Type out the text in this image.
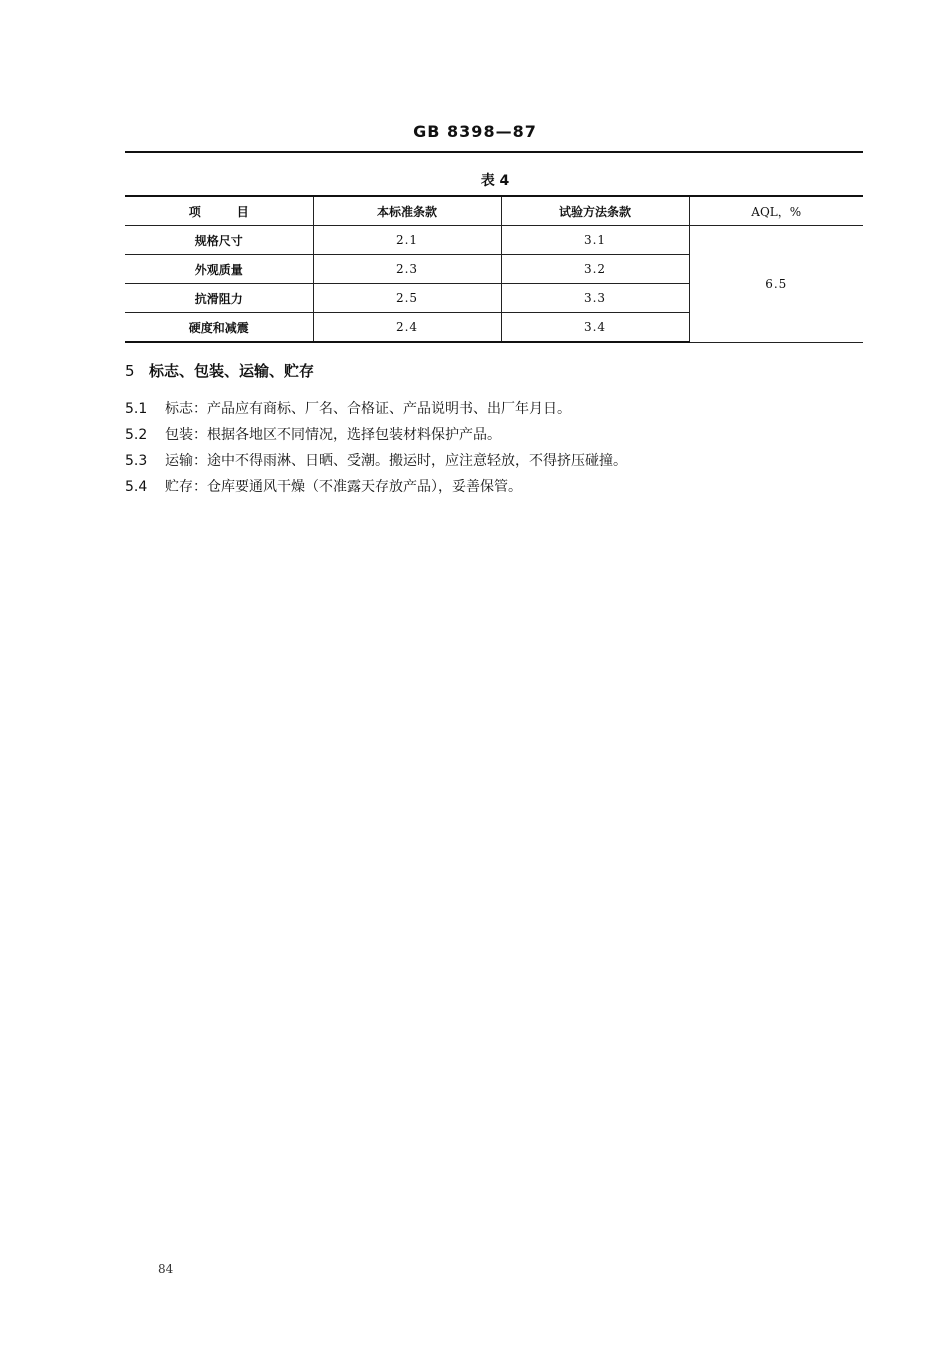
GB 8398—87
表 4
项　　　目	本标准条款	试验方法条款	AQL，%
规格尺寸	2.1	3.1	6.5
外观质量	2.3	3.2	
抗滑阻力	2.5	3.3	
硬度和减震	2.4	3.4	
5 标志、包装、运输、贮存
5.1 标志：产品应有商标、厂名、合格证、产品说明书、出厂年月日。
5.2 包装：根据各地区不同情况，选择包装材料保护产品。
5.3 运输：途中不得雨淋、日晒、受潮。搬运时，应注意轻放，不得挤压碰撞。
5.4 贮存：仓库要通风干燥（不准露天存放产品），妥善保管。
84
